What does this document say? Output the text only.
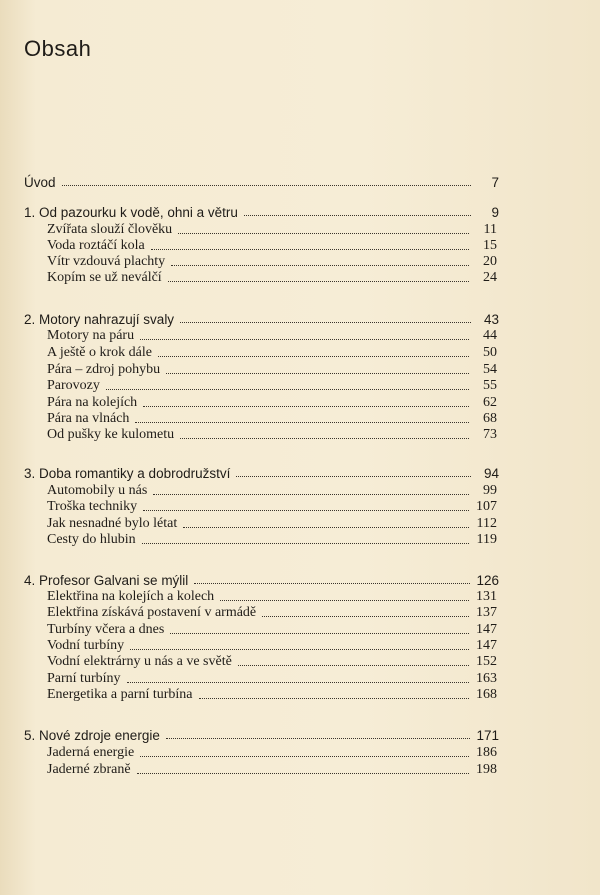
Obsah
Úvod	7
1. Od pazourku k vodě, ohni a větru	9
Zvířata slouží člověku	11
Voda roztáčí kola	15
Vítr vzdouvá plachty	20
Kopím se už neválčí	24
2. Motory nahrazují svaly	43
Motory na páru	44
A ještě o krok dále	50
Pára – zdroj pohybu	54
Parovozy	55
Pára na kolejích	62
Pára na vlnách	68
Od pušky ke kulometu	73
3. Doba romantiky a dobrodružství	94
Automobily u nás	99
Troška techniky	107
Jak nesnadné bylo létat	112
Cesty do hlubin	119
4. Profesor Galvani se mýlil	126
Elektřina na kolejích a kolech	131
Elektřina získává postavení v armádě	137
Turbíny včera a dnes	147
Vodní turbíny	147
Vodní elektrárny u nás a ve světě	152
Parní turbíny	163
Energetika a parní turbína	168
5. Nové zdroje energie	171
Jaderná energie	186
Jaderné zbraně	198
